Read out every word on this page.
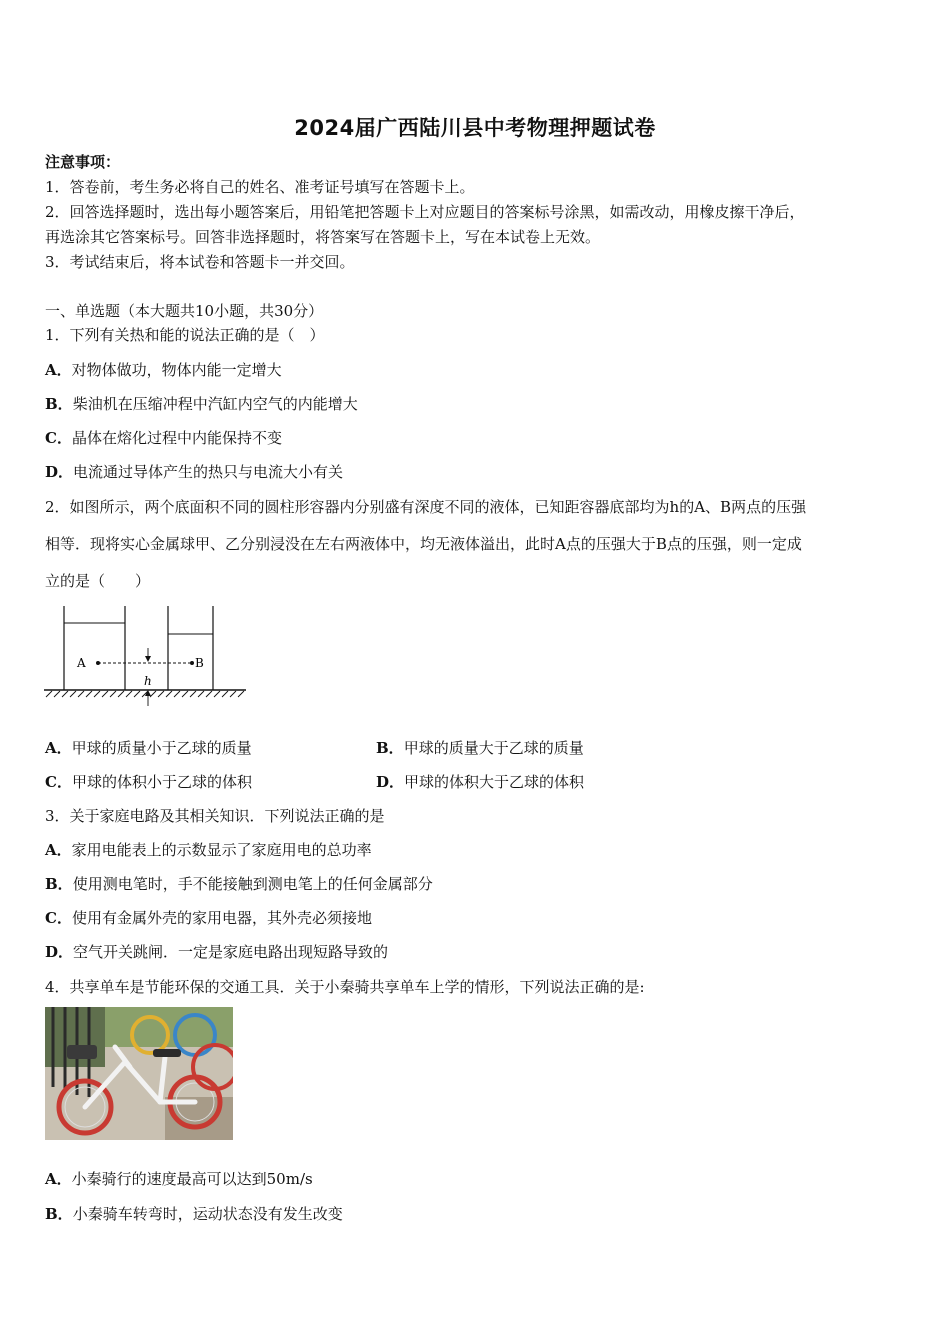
2024届广西陆川县中考物理押题试卷
注意事项：
1．答卷前，考生务必将自己的姓名、准考证号填写在答题卡上。
2．回答选择题时，选出每小题答案后，用铅笔把答题卡上对应题目的答案标号涂黑，如需改动，用橡皮擦干净后，
再选涂其它答案标号。回答非选择题时，将答案写在答题卡上，写在本试卷上无效。
3．考试结束后，将本试卷和答题卡一并交回。
一、单选题（本大题共10小题，共30分）
1．下列有关热和能的说法正确的是（　）
A．对物体做功，物体内能一定增大
B．柴油机在压缩冲程中汽缸内空气的内能增大
C．晶体在熔化过程中内能保持不变
D．电流通过导体产生的热只与电流大小有关
2．如图所示，两个底面积不同的圆柱形容器内分别盛有深度不同的液体，已知距容器底部均为h的A、B两点的压强
相等．现将实心金属球甲、乙分别浸没在左右两液体中，均无液体溢出，此时A点的压强大于B点的压强，则一定成
立的是（　　）
A	B
h
A．甲球的质量小于乙球的质量	B．甲球的质量大于乙球的质量
C．甲球的体积小于乙球的体积	D．甲球的体积大于乙球的体积
3．关于家庭电路及其相关知识．下列说法正确的是
A．家用电能表上的示数显示了家庭用电的总功率
B．使用测电笔时，手不能接触到测电笔上的任何金属部分
C．使用有金属外壳的家用电器，其外壳必须接地
D．空气开关跳闸．一定是家庭电路出现短路导致的
4．共享单车是节能环保的交通工具．关于小秦骑共享单车上学的情形，下列说法正确的是:
A．小秦骑行的速度最高可以达到50m/s
B．小秦骑车转弯时，运动状态没有发生改变
